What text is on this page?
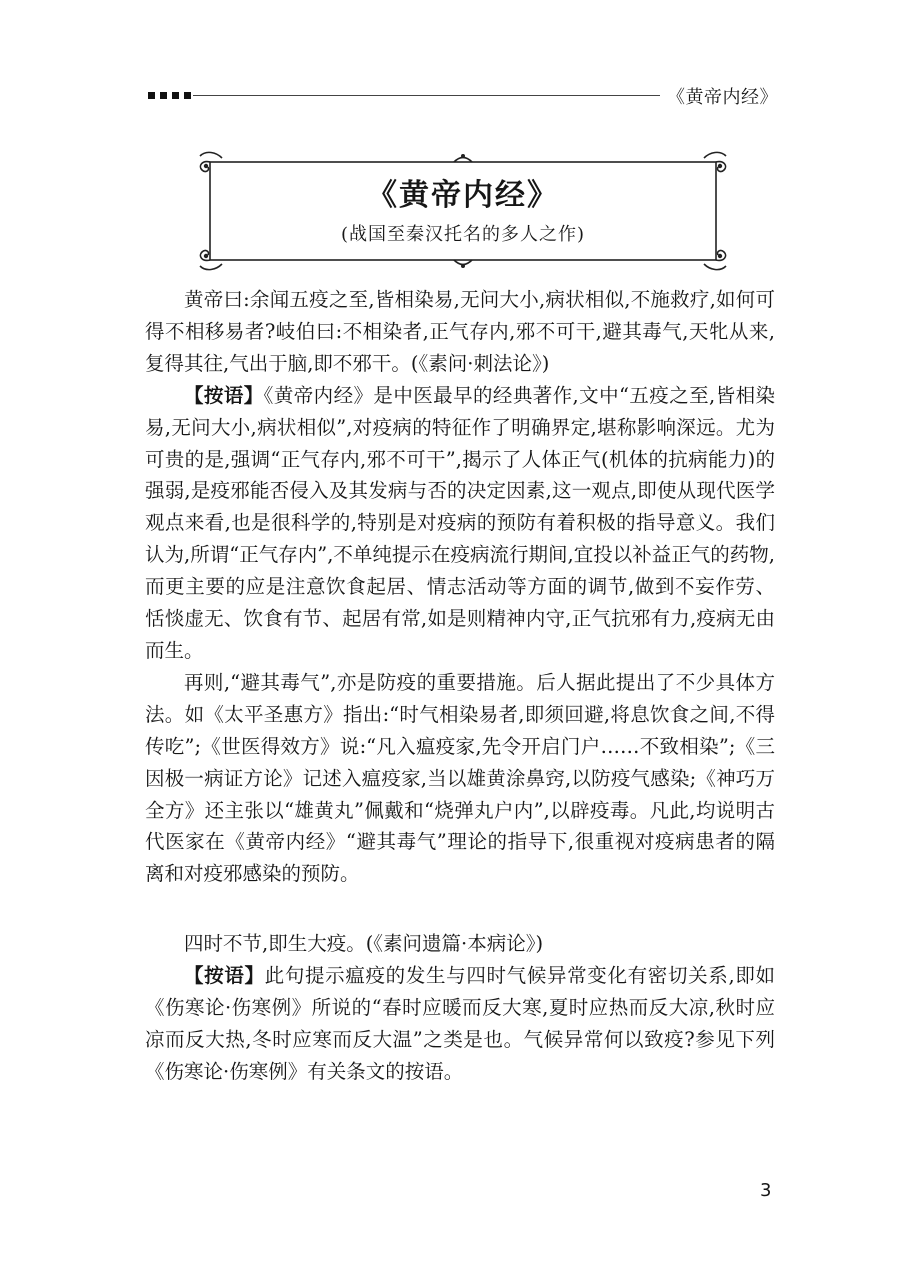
《黄帝内经》
《黄帝内经》
(战国至秦汉托名的多人之作)

黄帝曰:余闻五疫之至,皆相染易,无问大小,病状相似,不施救疗,如何可得不相移易者?岐伯曰:不相染者,正气存内,邪不可干,避其毒气,天牝从来,复得其往,气出于脑,即不邪干。(《素问·刺法论》)

【按语】《黄帝内经》是中医最早的经典著作,文中“五疫之至,皆相染易,无问大小,病状相似”,对疫病的特征作了明确界定,堪称影响深远。尤为可贵的是,强调“正气存内,邪不可干”,揭示了人体正气(机体的抗病能力)的强弱,是疫邪能否侵入及其发病与否的决定因素,这一观点,即使从现代医学观点来看,也是很科学的,特别是对疫病的预防有着积极的指导意义。我们认为,所谓“正气存内”,不单纯提示在疫病流行期间,宜投以补益正气的药物,而更主要的应是注意饮食起居、情志活动等方面的调节,做到不妄作劳、恬惔虚无、饮食有节、起居有常,如是则精神内守,正气抗邪有力,疫病无由而生。

再则,“避其毒气”,亦是防疫的重要措施。后人据此提出了不少具体方法。如《太平圣惠方》指出:“时气相染易者,即须回避,将息饮食之间,不得传吃”;《世医得效方》说:“凡入瘟疫家,先令开启门户……不致相染”;《三因极一病证方论》记述入瘟疫家,当以雄黄涂鼻窍,以防疫气感染;《神巧万全方》还主张以“雄黄丸”佩戴和“烧弹丸户内”,以辟疫毒。凡此,均说明古代医家在《黄帝内经》“避其毒气”理论的指导下,很重视对疫病患者的隔离和对疫邪感染的预防。

四时不节,即生大疫。(《素问遗篇·本病论》)

【按语】此句提示瘟疫的发生与四时气候异常变化有密切关系,即如《伤寒论·伤寒例》所说的“春时应暖而反大寒,夏时应热而反大凉,秋时应凉而反大热,冬时应寒而反大温”之类是也。气候异常何以致疫?参见下列《伤寒论·伤寒例》有关条文的按语。

3
